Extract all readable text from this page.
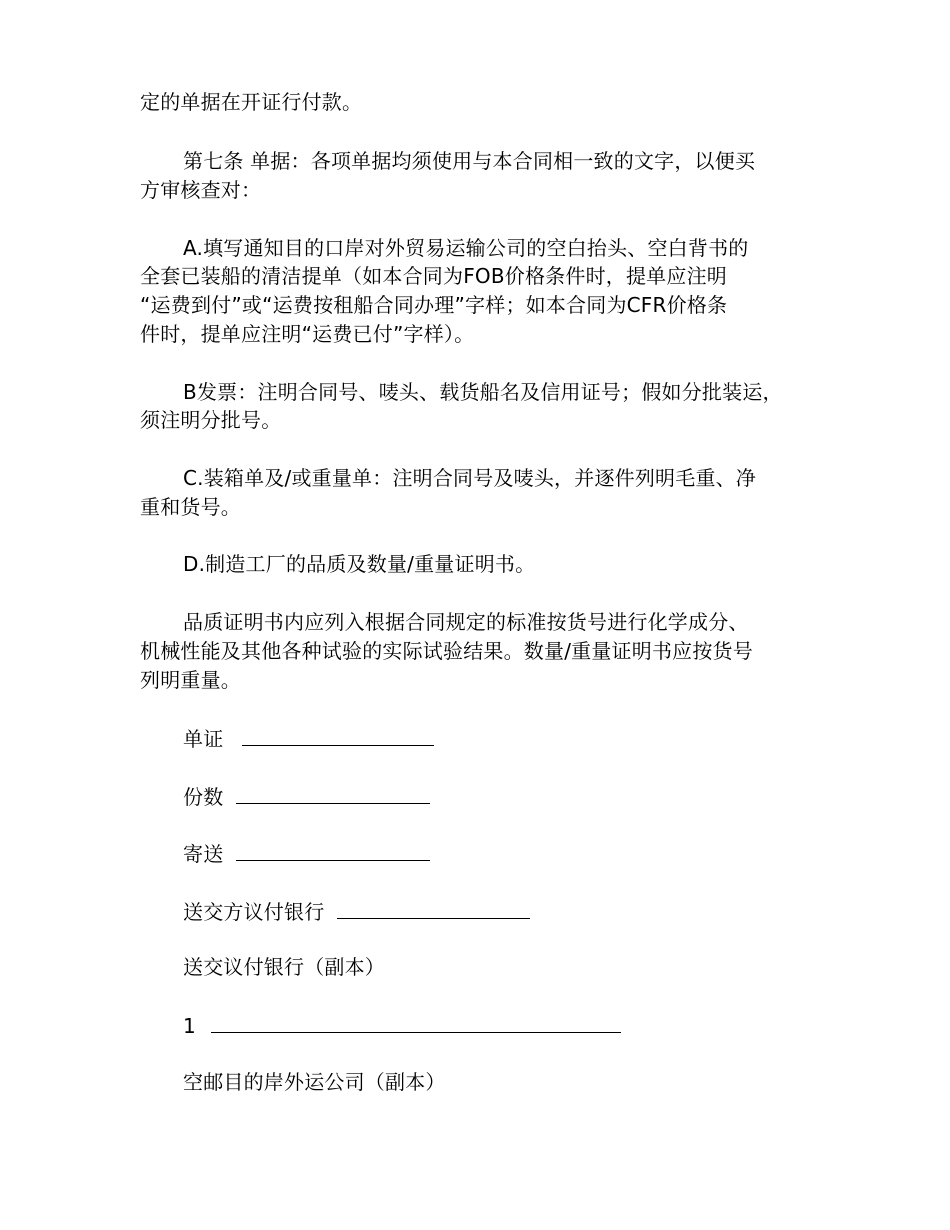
定的单据在开证行付款。
第七条 单据：各项单据均须使用与本合同相一致的文字，以便买
方审核查对：
A.填写通知目的口岸对外贸易运输公司的空白抬头、空白背书的
全套已装船的清洁提单（如本合同为FOB价格条件时，提单应注明
“运费到付”或“运费按租船合同办理”字样；如本合同为CFR价格条
件时，提单应注明“运费已付”字样）。
B发票：注明合同号、唛头、载货船名及信用证号；假如分批装运，
须注明分批号。
C.装箱单及/或重量单：注明合同号及唛头，并逐件列明毛重、净
重和货号。
D.制造工厂的品质及数量/重量证明书。
品质证明书内应列入根据合同规定的标准按货号进行化学成分、
机械性能及其他各种试验的实际试验结果。数量/重量证明书应按货号
列明重量。
单证
份数
寄送
送交方议付银行
送交议付银行（副本）
1
空邮目的岸外运公司（副本）
